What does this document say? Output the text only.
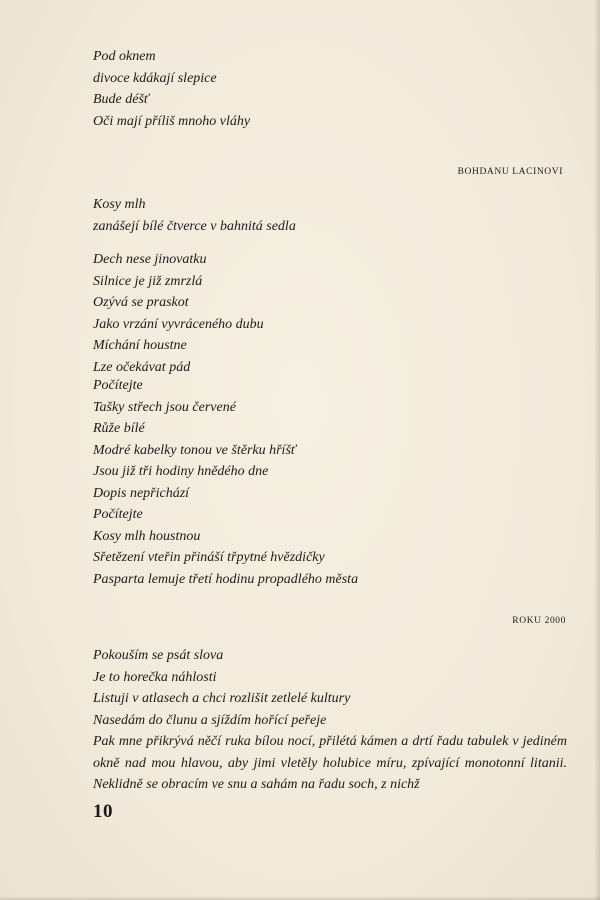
Pod oknem
divoce kdákají slepice
Bude déšť
Oči mají příliš mnoho vláhy
BOHDANU LACINOVI
Kosy mlh
zanášejí bílé čtverce v bahnitá sedla
Dech nese jinovatku
Silnice je již zmrzlá
Ozývá se praskot
Jako vrzání vyvráceného dubu
Míchání houstne
Lze očekávat pád
Počítejte
Tašky střech jsou červené
Růže bílé
Modré kabelky tonou ve štěrku hříšť
Jsou již tři hodiny hnědého dne
Dopis nepřichází
Počítejte
Kosy mlh houstnou
Sřetězení vteřin přináší třpytné hvězdičky
Pasparta lemuje třetí hodinu propadlého města
ROKU 2000
Pokouším se psát slova
Je to horečka náhlosti
Listuji v atlasech a chci rozlišit zetlelé kultury
Nasedám do člunu a sjíždím hořící peřeje
Pak mne přikrývá něčí ruka bílou nocí, přilétá kámen a drtí řadu tabulek v jediném okně nad mou hlavou, aby jimi vletěly holubice míru, zpívající monotonní litanii. Neklidně se obracím ve snu a sahám na řadu soch, z nichž
10
